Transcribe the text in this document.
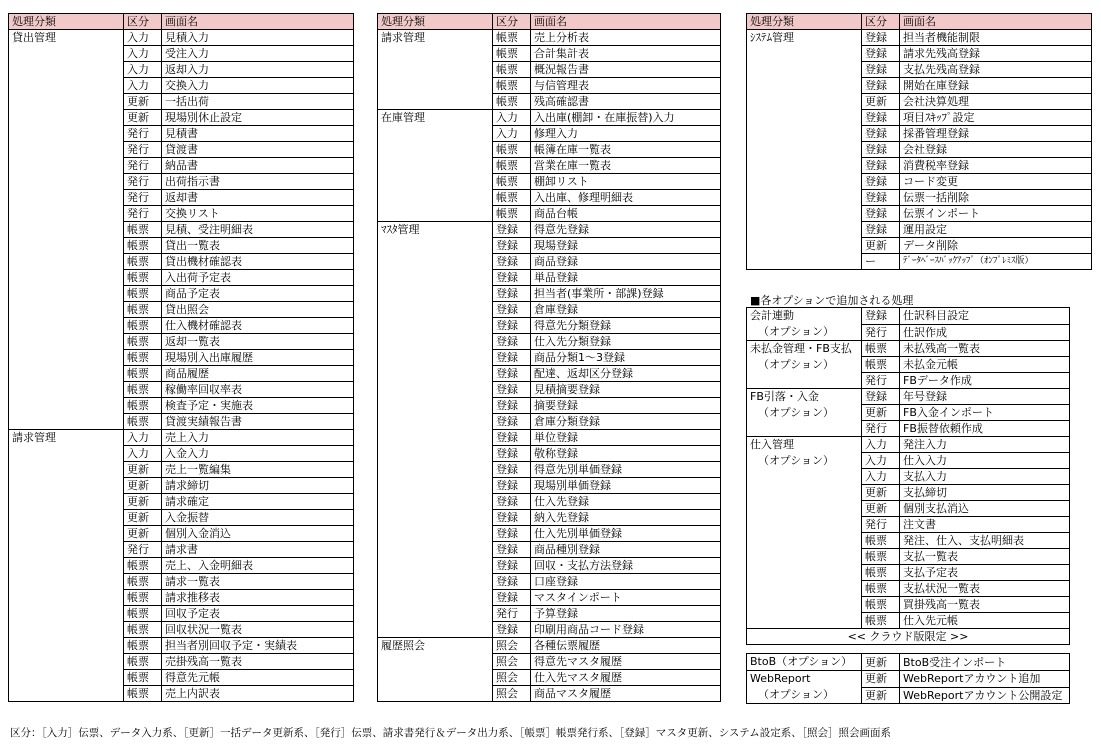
処理分類	区分	画面名

貸出管理	入力	見積入力
	入力	受注入力
	入力	返却入力
	入力	交換入力
	更新	一括出荷
	更新	現場別休止設定
	発行	見積書
	発行	貸渡書
	発行	納品書
	発行	出荷指示書
	発行	返却書
	発行	交換リスト
	帳票	見積、受注明細表
	帳票	貸出一覧表
	帳票	貸出機材確認表
	帳票	入出荷予定表
	帳票	商品予定表
	帳票	貸出照会
	帳票	仕入機材確認表
	帳票	返却一覧表
	帳票	現場別入出庫履歴
	帳票	商品履歴
	帳票	稼働率回収率表
	帳票	検査予定・実施表
	帳票	貸渡実績報告書

請求管理	入力	売上入力
	入力	入金入力
	更新	売上一覧編集
	更新	請求締切
	更新	請求確定
	更新	入金振替
	更新	個別入金消込
	発行	請求書
	帳票	売上、入金明細表
	帳票	請求一覧表
	帳票	請求推移表
	帳票	回収予定表
	帳票	回収状況一覧表
	帳票	担当者別回収予定・実績表
	帳票	売掛残高一覧表
	帳票	得意先元帳
	帳票	売上内訳表
処理分類	区分	画面名

請求管理	帳票	売上分析表
	帳票	合計集計表
	帳票	概況報告書
	帳票	与信管理表
	帳票	残高確認書

在庫管理	入力	入出庫(棚卸・在庫振替)入力
	入力	修理入力
	帳票	帳簿在庫一覧表
	帳票	営業在庫一覧表
	帳票	棚卸リスト
	帳票	入出庫、修理明細表
	帳票	商品台帳

ﾏｽﾀ管理	登録	得意先登録
	登録	現場登録
	登録	商品登録
	登録	単品登録
	登録	担当者(事業所・部課)登録
	登録	倉庫登録
	登録	得意先分類登録
	登録	仕入先分類登録
	登録	商品分類1～3登録
	登録	配達、返却区分登録
	登録	見積摘要登録
	登録	摘要登録
	登録	倉庫分類登録
	登録	単位登録
	登録	敬称登録
	登録	得意先別単価登録
	登録	現場別単価登録
	登録	仕入先登録
	登録	納入先登録
	登録	仕入先別単価登録
	登録	商品種別登録
	登録	回収・支払方法登録
	登録	口座登録
	登録	マスタインポート
	発行	予算登録
	登録	印刷用商品コード登録

履歴照会	照会	各種伝票履歴
	照会	得意先マスタ履歴
	照会	仕入先マスタ履歴
	照会	商品マスタ履歴
処理分類	区分	画面名

ｼｽﾃﾑ管理	登録	担当者機能制限
	登録	請求先残高登録
	登録	支払先残高登録
	登録	開始在庫登録
	更新	会社決算処理
	登録	項目ｽｷｯﾌﾟ設定
	登録	採番管理登録
	登録	会社登録
	登録	消費税率登録
	登録	コード変更
	登録	伝票一括削除
	登録	伝票インポート
	登録	運用設定
	更新	データ削除
	ー	ﾃﾞｰﾀﾍﾞｰｽﾊﾞｯｸｱｯﾌﾟ（ｵﾝﾌﾟﾚﾐｽ版）
■各オプションで追加される処理
会計連動
（オプション）	登録	仕訳科目設定
	発行	仕訳作成

未払金管理・FB支払
（オプション）	帳票	未払残高一覧表
	帳票	未払金元帳
	発行	FBデータ作成

FB引落・入金
（オプション）	登録	年号登録
	更新	FB入金インポート
	発行	FB振替依頼作成

仕入管理
（オプション）	入力	発注入力
	入力	仕入入力
	入力	支払入力
	更新	支払締切
	更新	個別支払消込
	発行	注文書
	帳票	発注、仕入、支払明細表
	帳票	支払一覧表
	帳票	支払予定表
	帳票	支払状況一覧表
	帳票	買掛残高一覧表
	帳票	仕入先元帳
<< クラウド版限定 >>		
BtoB（オプション）	更新	BtoB受注インポート

WebReport
（オプション）	更新	WebReportアカウント追加
	更新	WebReportアカウント公開設定
区分：［入力］伝票、データ入力系、［更新］一括データ更新系、［発行］伝票、請求書発行＆データ出力系、［帳票］帳票発行系、［登録］マスタ更新、システム設定系、［照会］照会画面系
